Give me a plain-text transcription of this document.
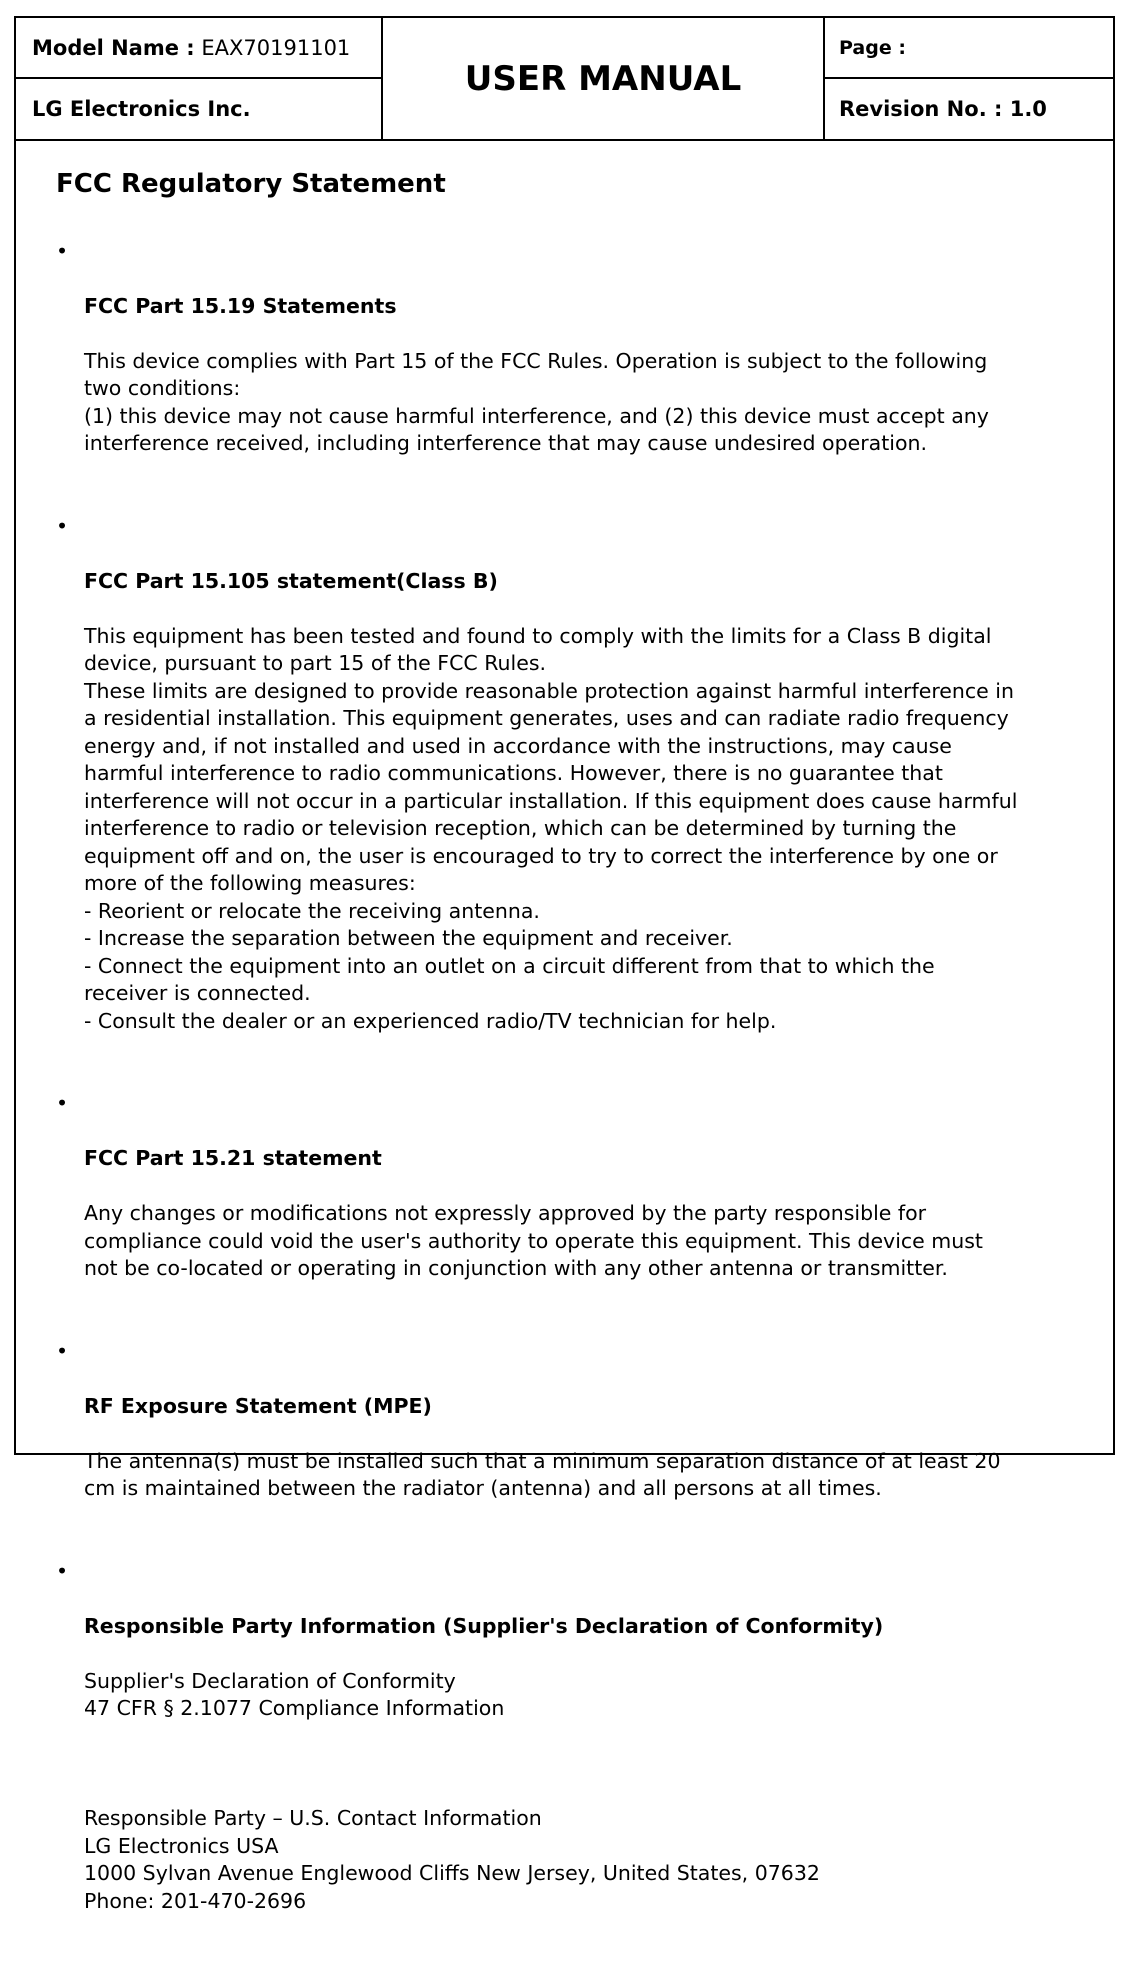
Model Name :
EAX70191101
LG Electronics Inc.
USER MANUAL
Page :
Revision No. :
1.0
FCC Regulatory Statement

•

FCC Part 15.19 Statements

This device complies with Part 15 of the FCC Rules. Operation is subject to the following
two conditions:
(1) this device may not cause harmful interference, and (2) this device must accept any
interference received, including interference that may cause undesired operation.

•

FCC Part 15.105 statement(Class B)

This equipment has been tested and found to comply with the limits for a Class B digital
device, pursuant to part 15 of the FCC Rules.
These limits are designed to provide reasonable protection against harmful interference in
a residential installation. This equipment generates, uses and can radiate radio frequency
energy and, if not installed and used in accordance with the instructions, may cause
harmful interference to radio communications. However, there is no guarantee that
interference will not occur in a particular installation. If this equipment does cause harmful
interference to radio or television reception, which can be determined by turning the
equipment off and on, the user is encouraged to try to correct the interference by one or
more of the following measures:
- Reorient or relocate the receiving antenna.
- Increase the separation between the equipment and receiver.
- Connect the equipment into an outlet on a circuit different from that to which the
receiver is connected.
- Consult the dealer or an experienced radio/TV technician for help.

•

FCC Part 15.21 statement

Any changes or modifications not expressly approved by the party responsible for
compliance could void the user's authority to operate this equipment. This device must
not be co-located or operating in conjunction with any other antenna or transmitter.

•

RF Exposure Statement (MPE)

The antenna(s) must be installed such that a minimum separation distance of at least 20
cm is maintained between the radiator (antenna) and all persons at all times.

•

Responsible Party Information (Supplier's Declaration of Conformity)

Supplier's Declaration of Conformity
47 CFR § 2.1077 Compliance Information

Responsible Party – U.S. Contact Information
LG Electronics USA
1000 Sylvan Avenue Englewood Cliffs New Jersey, United States, 07632
Phone: 201-470-2696
